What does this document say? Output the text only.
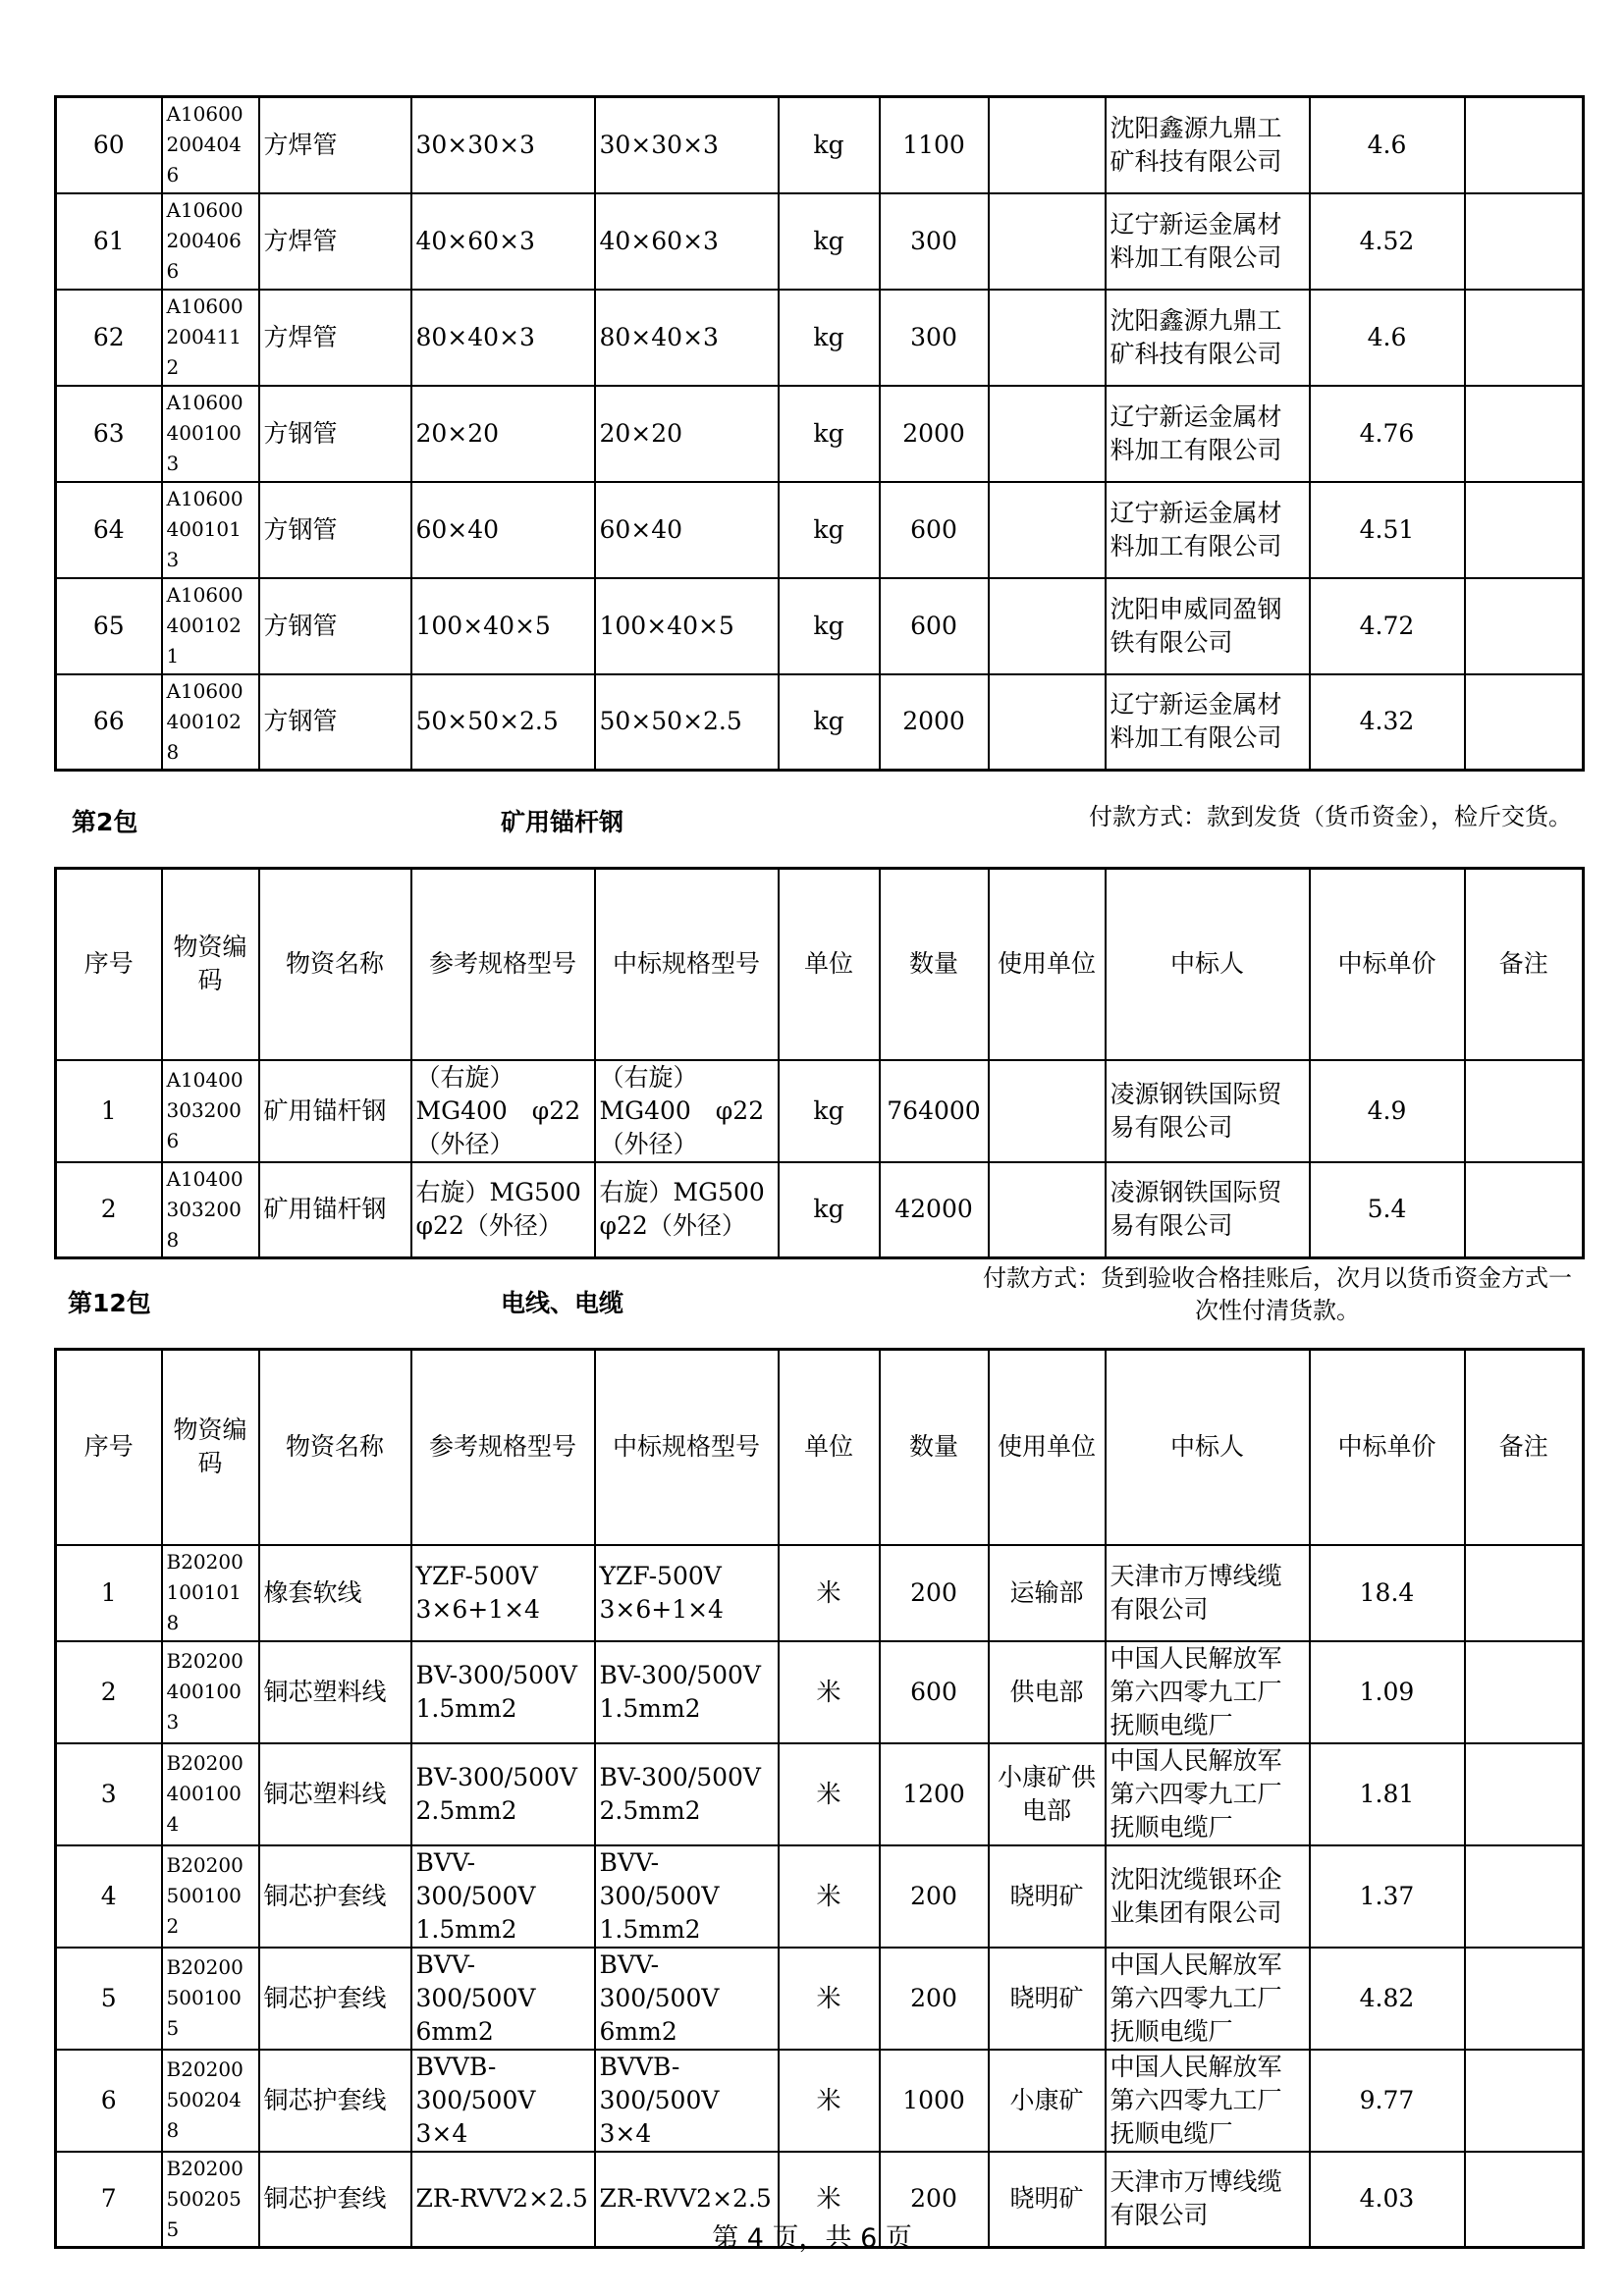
60	A106002004046	方焊管	30×30×3	30×30×3	kg	1100		沈阳鑫源九鼎工矿科技有限公司	4.6	
61	A106002004066	方焊管	40×60×3	40×60×3	kg	300		辽宁新运金属材料加工有限公司	4.52	
62	A106002004112	方焊管	80×40×3	80×40×3	kg	300		沈阳鑫源九鼎工矿科技有限公司	4.6	
63	A106004001003	方钢管	20×20	20×20	kg	2000		辽宁新运金属材料加工有限公司	4.76	
64	A106004001013	方钢管	60×40	60×40	kg	600		辽宁新运金属材料加工有限公司	4.51	
65	A106004001021	方钢管	100×40×5	100×40×5	kg	600		沈阳申威同盈钢铁有限公司	4.72	
66	A106004001028	方钢管	50×50×2.5	50×50×2.5	kg	2000		辽宁新运金属材料加工有限公司	4.32	
第2包	矿用锚杆钢	付款方式：款到发货（货币资金），检斤交货。
序号	物资编码	物资名称	参考规格型号	中标规格型号	单位	数量	使用单位	中标人	中标单价	备注
1	A104003032006	矿用锚杆钢	（右旋）
MG400　φ22
（外径）	（右旋）
MG400　φ22
（外径）	kg	764000		凌源钢铁国际贸易有限公司	4.9	
2	A104003032008	矿用锚杆钢	右旋）MG500
φ22（外径）	右旋）MG500
φ22（外径）	kg	42000		凌源钢铁国际贸易有限公司	5.4	
第12包	电线、电缆
付款方式：货到验收合格挂账后，次月以货币资金方式一
次性付清货款。
序号	物资编码	物资名称	参考规格型号	中标规格型号	单位	数量	使用单位	中标人	中标单价	备注
1	B202001001018	橡套软线	YZF-500V
3×6+1×4	YZF-500V
3×6+1×4	米	200	运输部	天津市万博线缆有限公司	18.4	
2	B202004001003	铜芯塑料线	BV-300/500V
1.5mm2	BV-300/500V
1.5mm2	米	600	供电部	中国人民解放军第六四零九工厂抚顺电缆厂	1.09	
3	B202004001004	铜芯塑料线	BV-300/500V
2.5mm2	BV-300/500V
2.5mm2	米	1200	小康矿供电部	中国人民解放军第六四零九工厂抚顺电缆厂	1.81	
4	B202005001002	铜芯护套线	BVV-300/500V
1.5mm2	BVV-300/500V
1.5mm2	米	200	晓明矿	沈阳沈缆银环企业集团有限公司	1.37	
5	B202005001005	铜芯护套线	BVV-300/500V
6mm2	BVV-300/500V
6mm2	米	200	晓明矿	中国人民解放军第六四零九工厂抚顺电缆厂	4.82	
6	B202005002048	铜芯护套线	BVVB-
300/500V
3×4	BVVB-
300/500V
3×4	米	1000	小康矿	中国人民解放军第六四零九工厂抚顺电缆厂	9.77	
7	B202005002055	铜芯护套线	ZR-RVV2×2.5	ZR-RVV2×2.5	米	200	晓明矿	天津市万博线缆有限公司	4.03	
第 4 页，共 6 页
